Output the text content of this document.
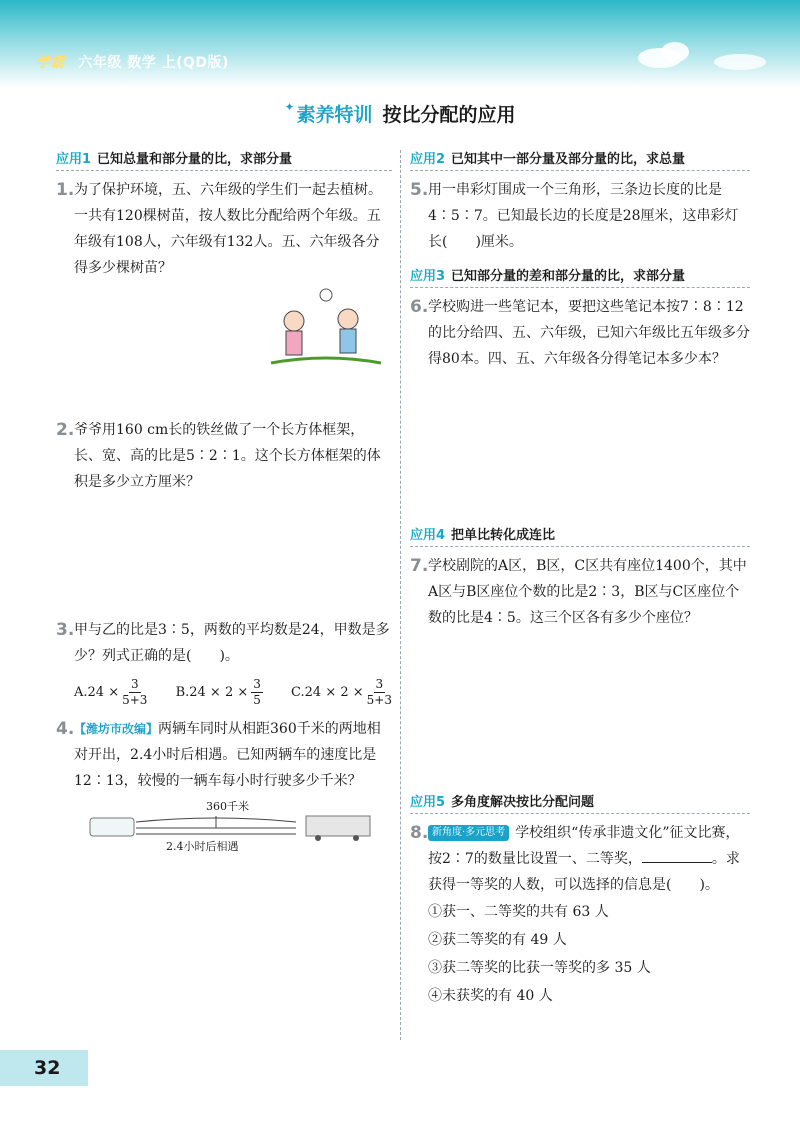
学霸 六年级 数学 上(QD版)
✦ 素养特训 按比分配的应用
应用1 已知总量和部分量的比，求部分量
1. 为了保护环境，五、六年级的学生们一起去植树。一共有120棵树苗，按人数比分配给两个年级。五年级有108人，六年级有132人。五、六年级各分得多少棵树苗？

2. 爷爷用160 cm长的铁丝做了一个长方体框架，长、宽、高的比是5∶2∶1。这个长方体框架的体积是多少立方厘米？

3. 甲与乙的比是3∶5，两数的平均数是24，甲数是多少？列式正确的是(　　)。

$A.24 \times \frac{3}{5+3} B.24 \times 2 \times \frac{3}{5} C.24 \times 2 \times \frac{3}{5+3}$
4. 【潍坊市改编】两辆车同时从相距360千米的两地相对开出，2.4小时后相遇。已知两辆车的速度比是12∶13，较慢的一辆车每小时行驶多少千米？

360千米
2.4小时后相遇
应用2 已知其中一部分量及部分量的比，求总量
5. 用一串彩灯围成一个三角形，三条边长度的比是4∶5∶7。已知最长边的长度是28厘米，这串彩灯长(　　)厘米。

应用3 已知部分量的差和部分量的比，求部分量
6. 学校购进一些笔记本，要把这些笔记本按7∶8∶12的比分给四、五、六年级，已知六年级比五年级多分得80本。四、五、六年级各分得笔记本多少本？

应用4 把单比转化成连比
7. 学校剧院的A区，B区，C区共有座位1400个，其中A区与B区座位个数的比是2∶3，B区与C区座位个数的比是4∶5。这三个区各有多少个座位？

应用5 多角度解决按比分配问题
8. 新角度·多元思考 学校组织“传承非遗文化”征文比赛，按2∶7的数量比设置一、二等奖，	。求获得一等奖的人数，可以选择的信息是(　　)。

①获一、二等奖的共有 63 人
②获二等奖的有 49 人
③获二等奖的比获一等奖的多 35 人
④未获奖的有 40 人
32
